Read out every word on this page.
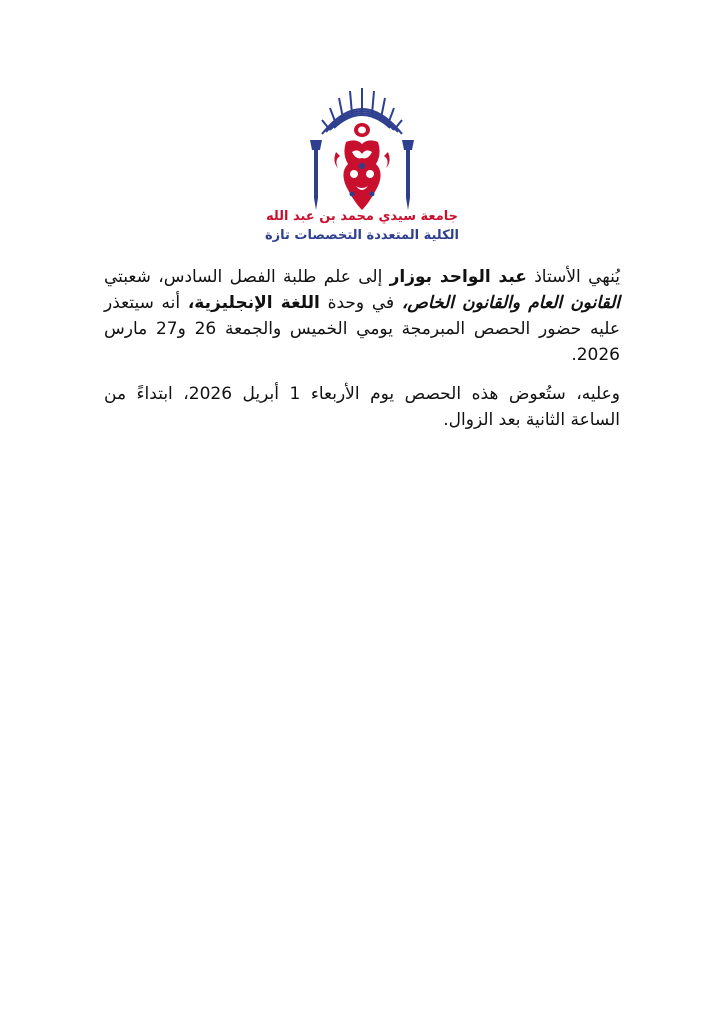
جامعة سيدي محمد بن عبد الله
الكلية المتعددة التخصصات تازة

يُنهي الأستاذ عبد الواحد بوزار إلى علم طلبة الفصل السادس، شعبتي القانون العام والقانون الخاص، في وحدة اللغة الإنجليزية، أنه سيتعذر عليه حضور الحصص المبرمجة يومي الخميس والجمعة 26 و27 مارس 2026.

وعليه، ستُعوض هذه الحصص يوم الأربعاء 1 أبريل 2026، ابتداءً من الساعة الثانية بعد الزوال.
